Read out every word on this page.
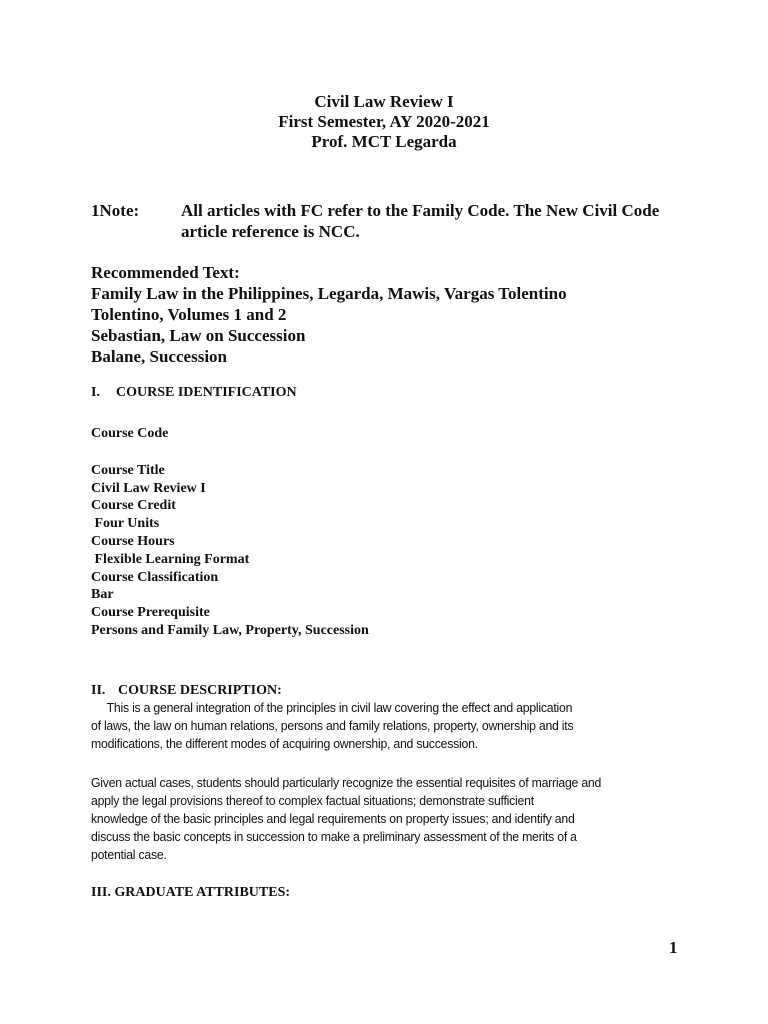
Civil Law Review I
First Semester, AY 2020-2021
Prof. MCT Legarda
1Note: All articles with FC refer to the Family Code. The New Civil Code
article reference is NCC.
Recommended Text:
Family Law in the Philippines, Legarda, Mawis, Vargas Tolentino
Tolentino, Volumes 1 and 2
Sebastian, Law on Succession
Balane, Succession
I. COURSE IDENTIFICATION
Course Code
Course Title
Civil Law Review I
Course Credit
Four Units
Course Hours
Flexible Learning Format
Course Classification
Bar
Course Prerequisite
Persons and Family Law, Property, Succession
II. COURSE DESCRIPTION:

This is a general integration of the principles in civil law covering the effect and application

of laws, the law on human relations, persons and family relations, property, ownership and its

modifications, the different modes of acquiring ownership, and succession.

Given actual cases, students should particularly recognize the essential requisites of marriage and

apply the legal provisions thereof to complex factual situations; demonstrate sufficient

knowledge of the basic principles and legal requirements on property issues; and identify and

discuss the basic concepts in succession to make a preliminary assessment of the merits of a

potential case.

III. GRADUATE ATTRIBUTES:
1
